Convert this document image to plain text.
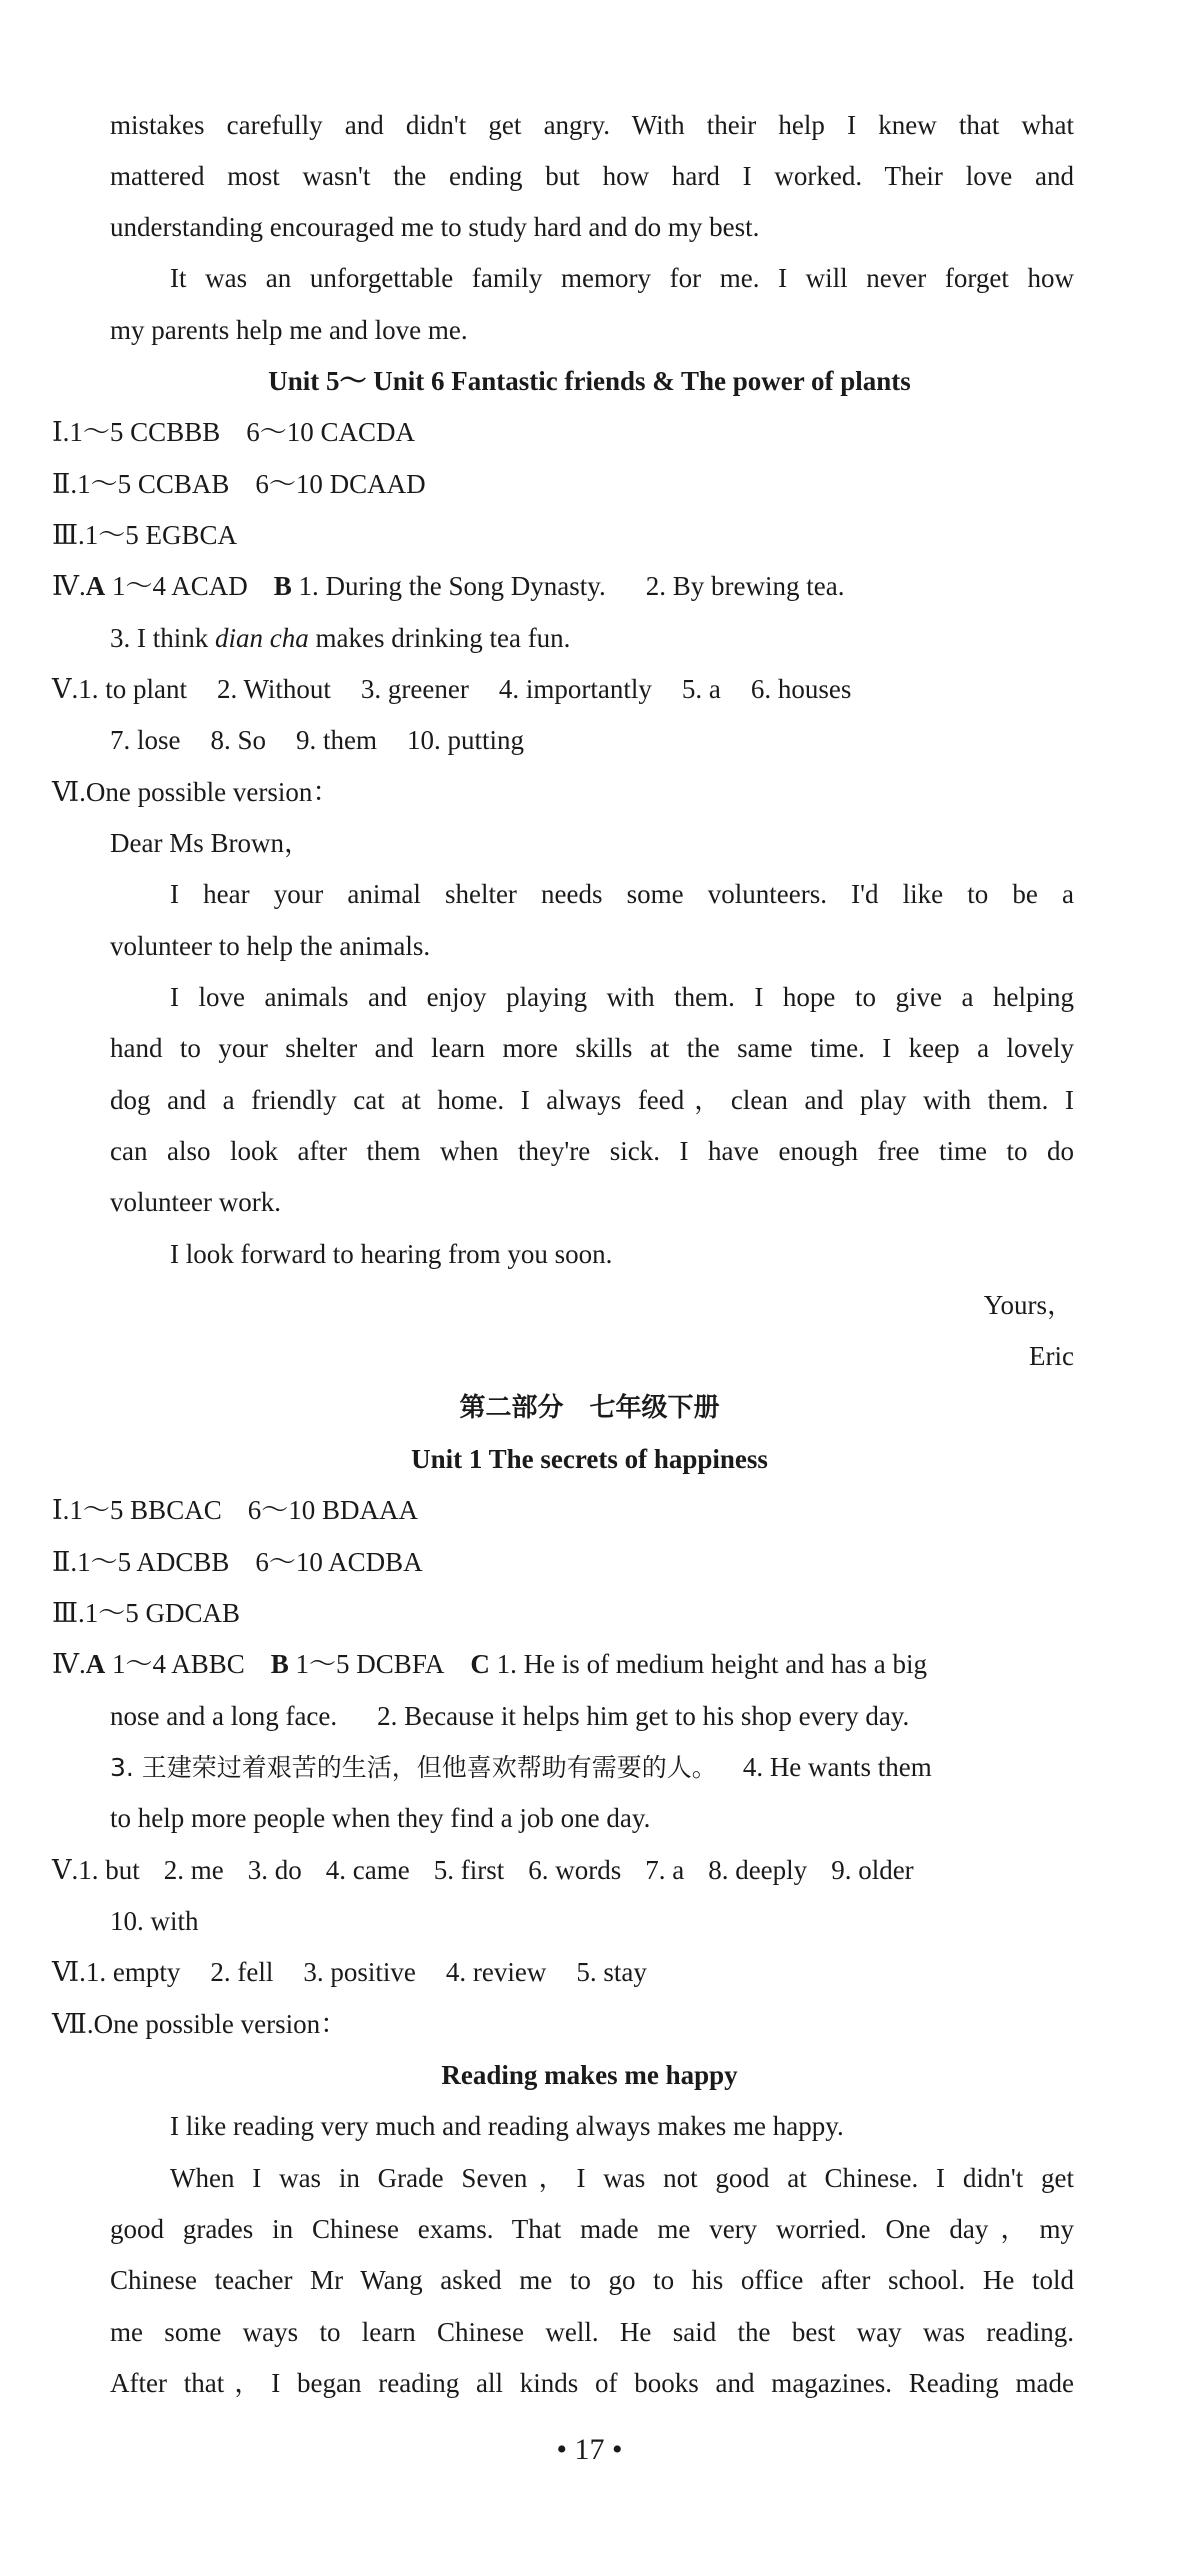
mistakes carefully and didn't get angry. With their help I knew that what
mattered most wasn't the ending but how hard I worked. Their love and
understanding encouraged me to study hard and do my best.
It was an unforgettable family memory for me. I will never forget how
my parents help me and love me.
Unit 5～ Unit 6 Fantastic friends & The power of plants
Ⅰ.1～5 CCBBB 6～10 CACDA
Ⅱ.1～5 CCBAB 6～10 DCAAD
Ⅲ.1～5 EGBCA
Ⅳ.A 1～4 ACAD B 1. During the Song Dynasty. 2. By brewing tea.
3. I think dian cha makes drinking tea fun.
Ⅴ.1. to plant 2. Without 3. greener 4. importantly 5. a 6. houses
7. lose 8. So 9. them 10. putting
Ⅵ.One possible version：
Dear Ms Brown，
I hear your animal shelter needs some volunteers. I'd like to be a
volunteer to help the animals.
I love animals and enjoy playing with them. I hope to give a helping
hand to your shelter and learn more skills at the same time. I keep a lovely
dog and a friendly cat at home. I always feed，clean and play with them. I
can also look after them when they're sick. I have enough free time to do
volunteer work.
I look forward to hearing from you soon.
Yours，
Eric
第二部分　七年级下册
Unit 1 The secrets of happiness
Ⅰ.1～5 BBCAC 6～10 BDAAA
Ⅱ.1～5 ADCBB 6～10 ACDBA
Ⅲ.1～5 GDCAB
Ⅳ.A 1～4 ABBC B 1～5 DCBFA C 1. He is of medium height and has a big
nose and a long face. 2. Because it helps him get to his shop every day.
3. 王建荣过着艰苦的生活，但他喜欢帮助有需要的人。 4. He wants them
to help more people when they find a job one day.
Ⅴ.1. but 2. me 3. do 4. came 5. first 6. words 7. a 8. deeply 9. older
10. with
Ⅵ.1. empty 2. fell 3. positive 4. review 5. stay
Ⅶ.One possible version：
Reading makes me happy
I like reading very much and reading always makes me happy.
When I was in Grade Seven，I was not good at Chinese. I didn't get
good grades in Chinese exams. That made me very worried. One day，my
Chinese teacher Mr Wang asked me to go to his office after school. He told
me some ways to learn Chinese well. He said the best way was reading.
After that，I began reading all kinds of books and magazines. Reading made
• 17 •
